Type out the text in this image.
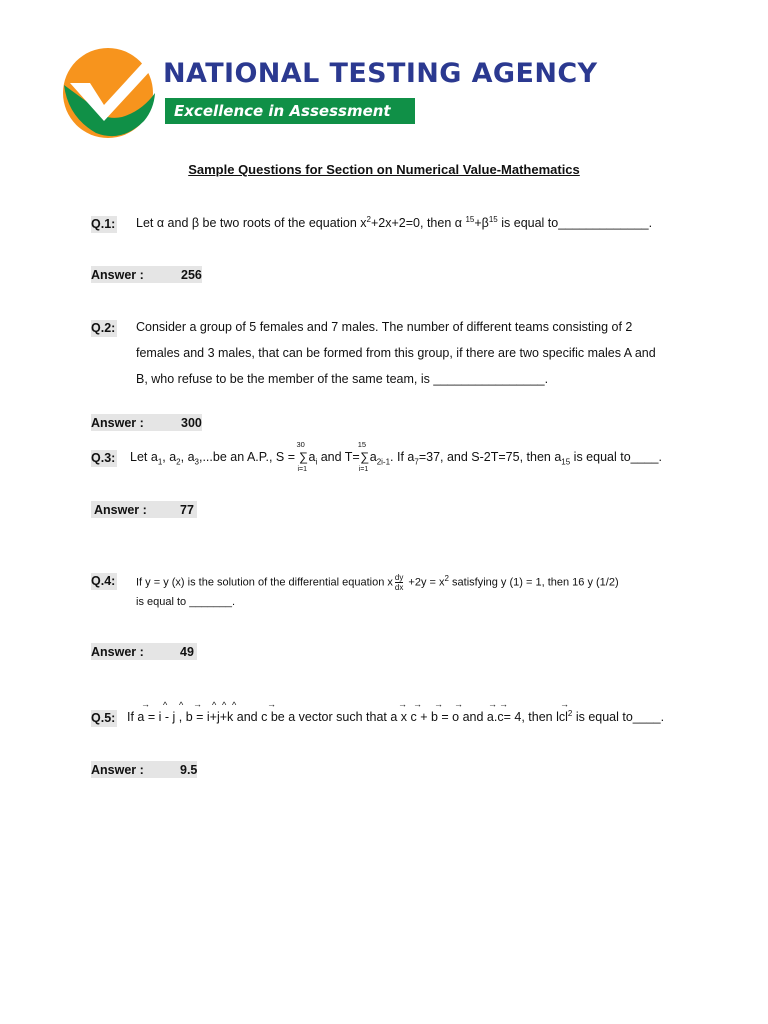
NATIONAL TESTING AGENCY
Excellence in Assessment
Sample Questions for Section on Numerical Value-Mathematics
Q.1: Let α and β be two roots of the equation $x^2+2x+2=0$, then α $^{15}+\beta^{15}$ is equal to_____________.
Answer :	256
Q.2: Consider a group of 5 females and 7 males. The number of different teams consisting of 2
females and 3 males, that can be formed from this group, if there are two specific males A and
B, who refuse to be the member of the same team, is ________________.
Answer :	300
Q.3: Let $a_1$, $a_2$, $a_3,...be$ an A.P., S =
30
∑
i=1
$a_i$ and T=
15
∑
i=1
$a_{2i-1}$. If $a_7=37$, and S-2T=75, then $a_{15}$ is equal to____.
Answer :	77
Q.4: If y = y (x) is the solution of the differential equation x $\frac{dy}{dx} +2y = x^2$ satisfying y (1) = 1, then 16 y (1/2)
is equal to _______.
Answer :	49
Q.5:
→ ^ ^ → ^ ^ ^	→	→ → → →	→ →	→
If a = i - j , b = i+j+k and c be a vector such that a x c + b = o and a.c= 4, then lcl$^2$ is equal to____.
Answer :	9.5
